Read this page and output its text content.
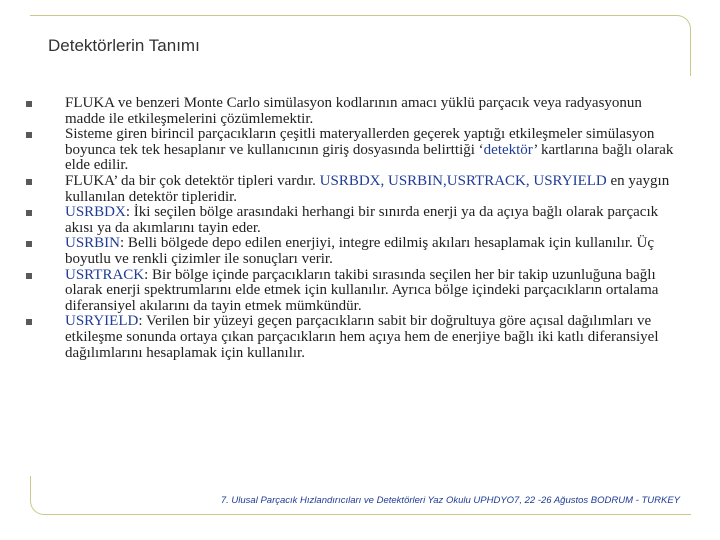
Detektörlerin Tanımı
FLUKA ve benzeri Monte Carlo simülasyon kodlarının amacı yüklü parçacık veya radyasyonun madde ile etkileşmelerini çözümlemektir.
Sisteme giren birincil parçacıkların çeşitli materyallerden geçerek yaptığı etkileşmeler simülasyon boyunca tek tek hesaplanır ve kullanıcının giriş dosyasında belirttiği ‘detektör’ kartlarına bağlı olarak elde edilir.
FLUKA’ da bir çok detektör tipleri vardır. USRBDX, USRBIN,USRTRACK, USRYIELD en yaygın kullanılan detektör tipleridir.
USRBDX: İki seçilen bölge arasındaki herhangi bir sınırda enerji ya da açıya bağlı olarak parçacık akısı ya da akımlarını tayin eder.
USRBIN: Belli bölgede depo edilen enerjiyi, integre edilmiş akıları hesaplamak için kullanılır. Üç boyutlu ve renkli çizimler ile sonuçları verir.
USRTRACK: Bir bölge içinde parçacıkların takibi sırasında seçilen her bir takip uzunluğuna bağlı olarak enerji spektrumlarını elde etmek için kullanılır. Ayrıca bölge içindeki parçacıkların ortalama diferansiyel akılarını da tayin etmek mümkündür.
USRYIELD: Verilen bir yüzeyi geçen parçacıkların sabit bir doğrultuya göre açısal dağılımları ve etkileşme sonunda ortaya çıkan parçacıkların hem açıya hem de enerjiye bağlı iki katlı diferansiyel dağılımlarını hesaplamak için kullanılır.
7. Ulusal Parçacık Hızlandırıcıları ve Detektörleri Yaz Okulu UPHDYO7, 22 -26 Ağustos BODRUM - TURKEY
